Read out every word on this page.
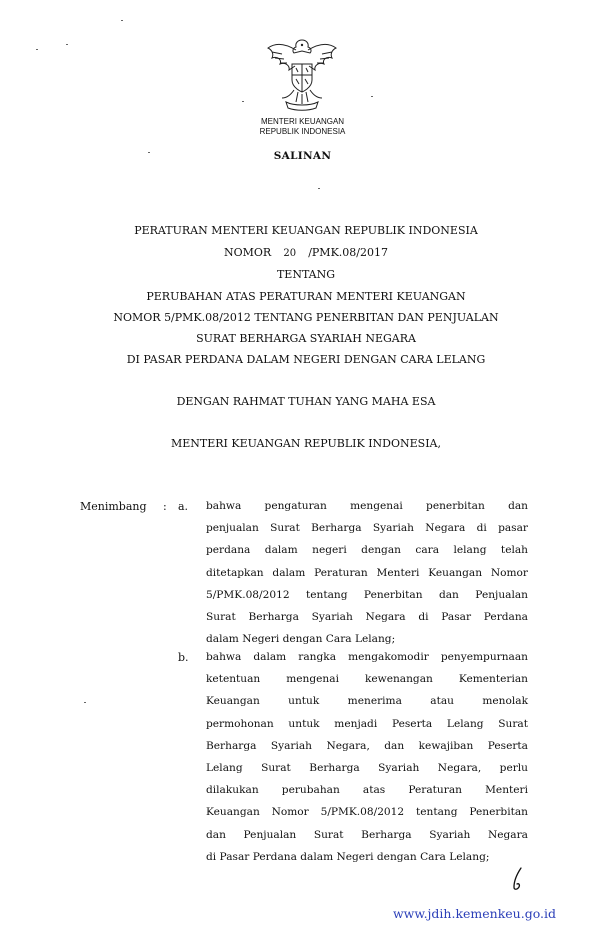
MENTERI KEUANGAN
REPUBLIK INDONESIA
SALINAN
PERATURAN MENTERI KEUANGAN REPUBLIK INDONESIA
NOMOR 20 /PMK.08/2017
TENTANG
PERUBAHAN ATAS PERATURAN MENTERI KEUANGAN
NOMOR 5/PMK.08/2012 TENTANG PENERBITAN DAN PENJUALAN
SURAT BERHARGA SYARIAH NEGARA
DI PASAR PERDANA DALAM NEGERI DENGAN CARA LELANG
DENGAN RAHMAT TUHAN YANG MAHA ESA
MENTERI KEUANGAN REPUBLIK INDONESIA,
Menimbang : a. bahwa pengaturan mengenai penerbitan dan
penjualan Surat Berharga Syariah Negara di pasar
perdana dalam negeri dengan cara lelang telah
ditetapkan dalam Peraturan Menteri Keuangan Nomor
5/PMK.08/2012 tentang Penerbitan dan Penjualan
Surat Berharga Syariah Negara di Pasar Perdana
dalam Negeri dengan Cara Lelang;
b. bahwa dalam rangka mengakomodir penyempurnaan
ketentuan mengenai kewenangan Kementerian
Keuangan untuk menerima atau menolak
permohonan untuk menjadi Peserta Lelang Surat
Berharga Syariah Negara, dan kewajiban Peserta
Lelang Surat Berharga Syariah Negara, perlu
dilakukan perubahan atas Peraturan Menteri
Keuangan Nomor 5/PMK.08/2012 tentang Penerbitan
dan Penjualan Surat Berharga Syariah Negara
di Pasar Perdana dalam Negeri dengan Cara Lelang;
www.jdih.kemenkeu.go.id
